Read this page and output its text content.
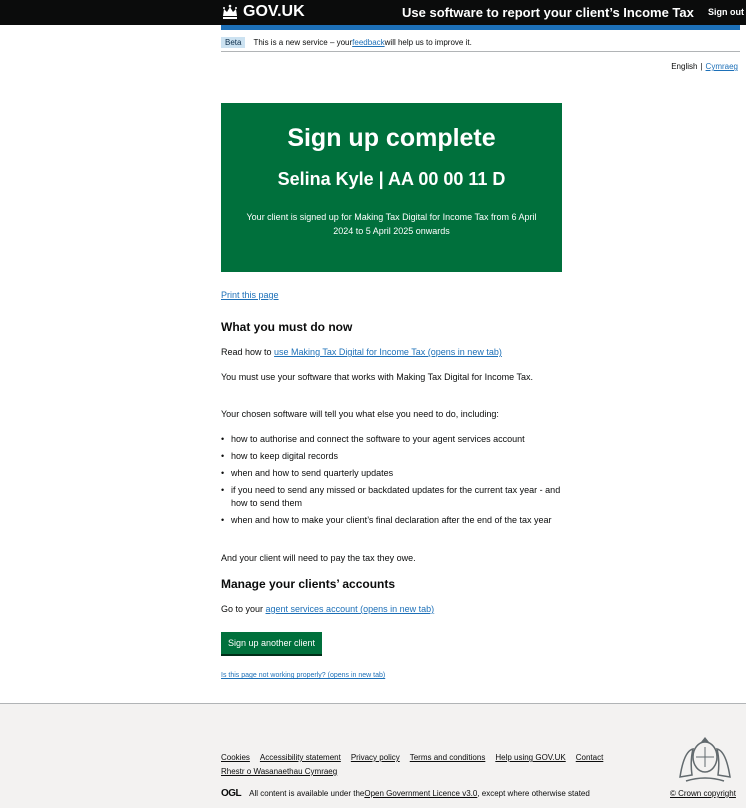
GOV.UK	Use software to report your client’s Income Tax Sign out
Beta	This is a new service – your feedback will help us to improve it.
English | Cymraeg
Sign up complete
Selina Kyle | AA 00 00 11 D
Your client is signed up for Making Tax Digital for Income Tax from 6 April 2024 to 5 April 2025 onwards
Print this page
What you must do now
Read how to use Making Tax Digital for Income Tax (opens in new tab)
You must use your software that works with Making Tax Digital for Income Tax.
Your chosen software will tell you what else you need to do, including:
• how to authorise and connect the software to your agent services account
• how to keep digital records
• when and how to send quarterly updates
• if you need to send any missed or backdated updates for the current tax year - and how to send them
• when and how to make your client’s final declaration after the end of the tax year
And your client will need to pay the tax they owe.
Manage your clients’ accounts
Go to your agent services account (opens in new tab)
Sign up another client
Is this page not working properly? (opens in new tab)
Cookies Accessibility statement Privacy policy Terms and conditions Help using GOV.UK Contact
Rhestr o Wasanaethau Cymraeg
OGL All content is available under the Open Government Licence v3.0 , except where otherwise stated	© Crown copyright
